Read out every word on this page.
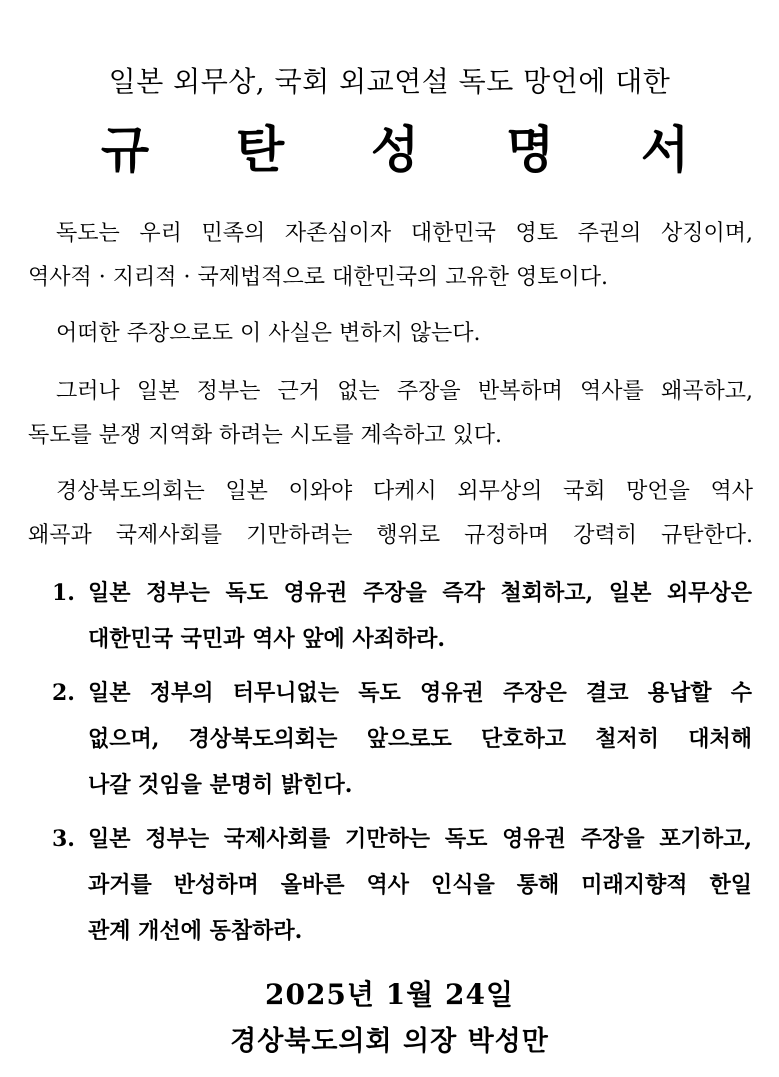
일본 외무상, 국회 외교연설 독도 망언에 대한
규 탄 성 명 서
독도는 우리 민족의 자존심이자 대한민국 영토 주권의 상징이며,
역사적 · 지리적 · 국제법적으로 대한민국의 고유한 영토이다.
어떠한 주장으로도 이 사실은 변하지 않는다.
그러나 일본 정부는 근거 없는 주장을 반복하며 역사를 왜곡하고,
독도를 분쟁 지역화 하려는 시도를 계속하고 있다.
경상북도의회는 일본 이와야 다케시 외무상의 국회 망언을 역사
왜곡과 국제사회를 기만하려는 행위로 규정하며 강력히 규탄한다.
1. 일본 정부는 독도 영유권 주장을 즉각 철회하고, 일본 외무상은
대한민국 국민과 역사 앞에 사죄하라.
2. 일본 정부의 터무니없는 독도 영유권 주장은 결코 용납할 수
없으며, 경상북도의회는 앞으로도 단호하고 철저히 대처해
나갈 것임을 분명히 밝힌다.
3. 일본 정부는 국제사회를 기만하는 독도 영유권 주장을 포기하고,
과거를 반성하며 올바른 역사 인식을 통해 미래지향적 한일
관계 개선에 동참하라.
2025년 1월 24일
경상북도의회 의장 박성만
